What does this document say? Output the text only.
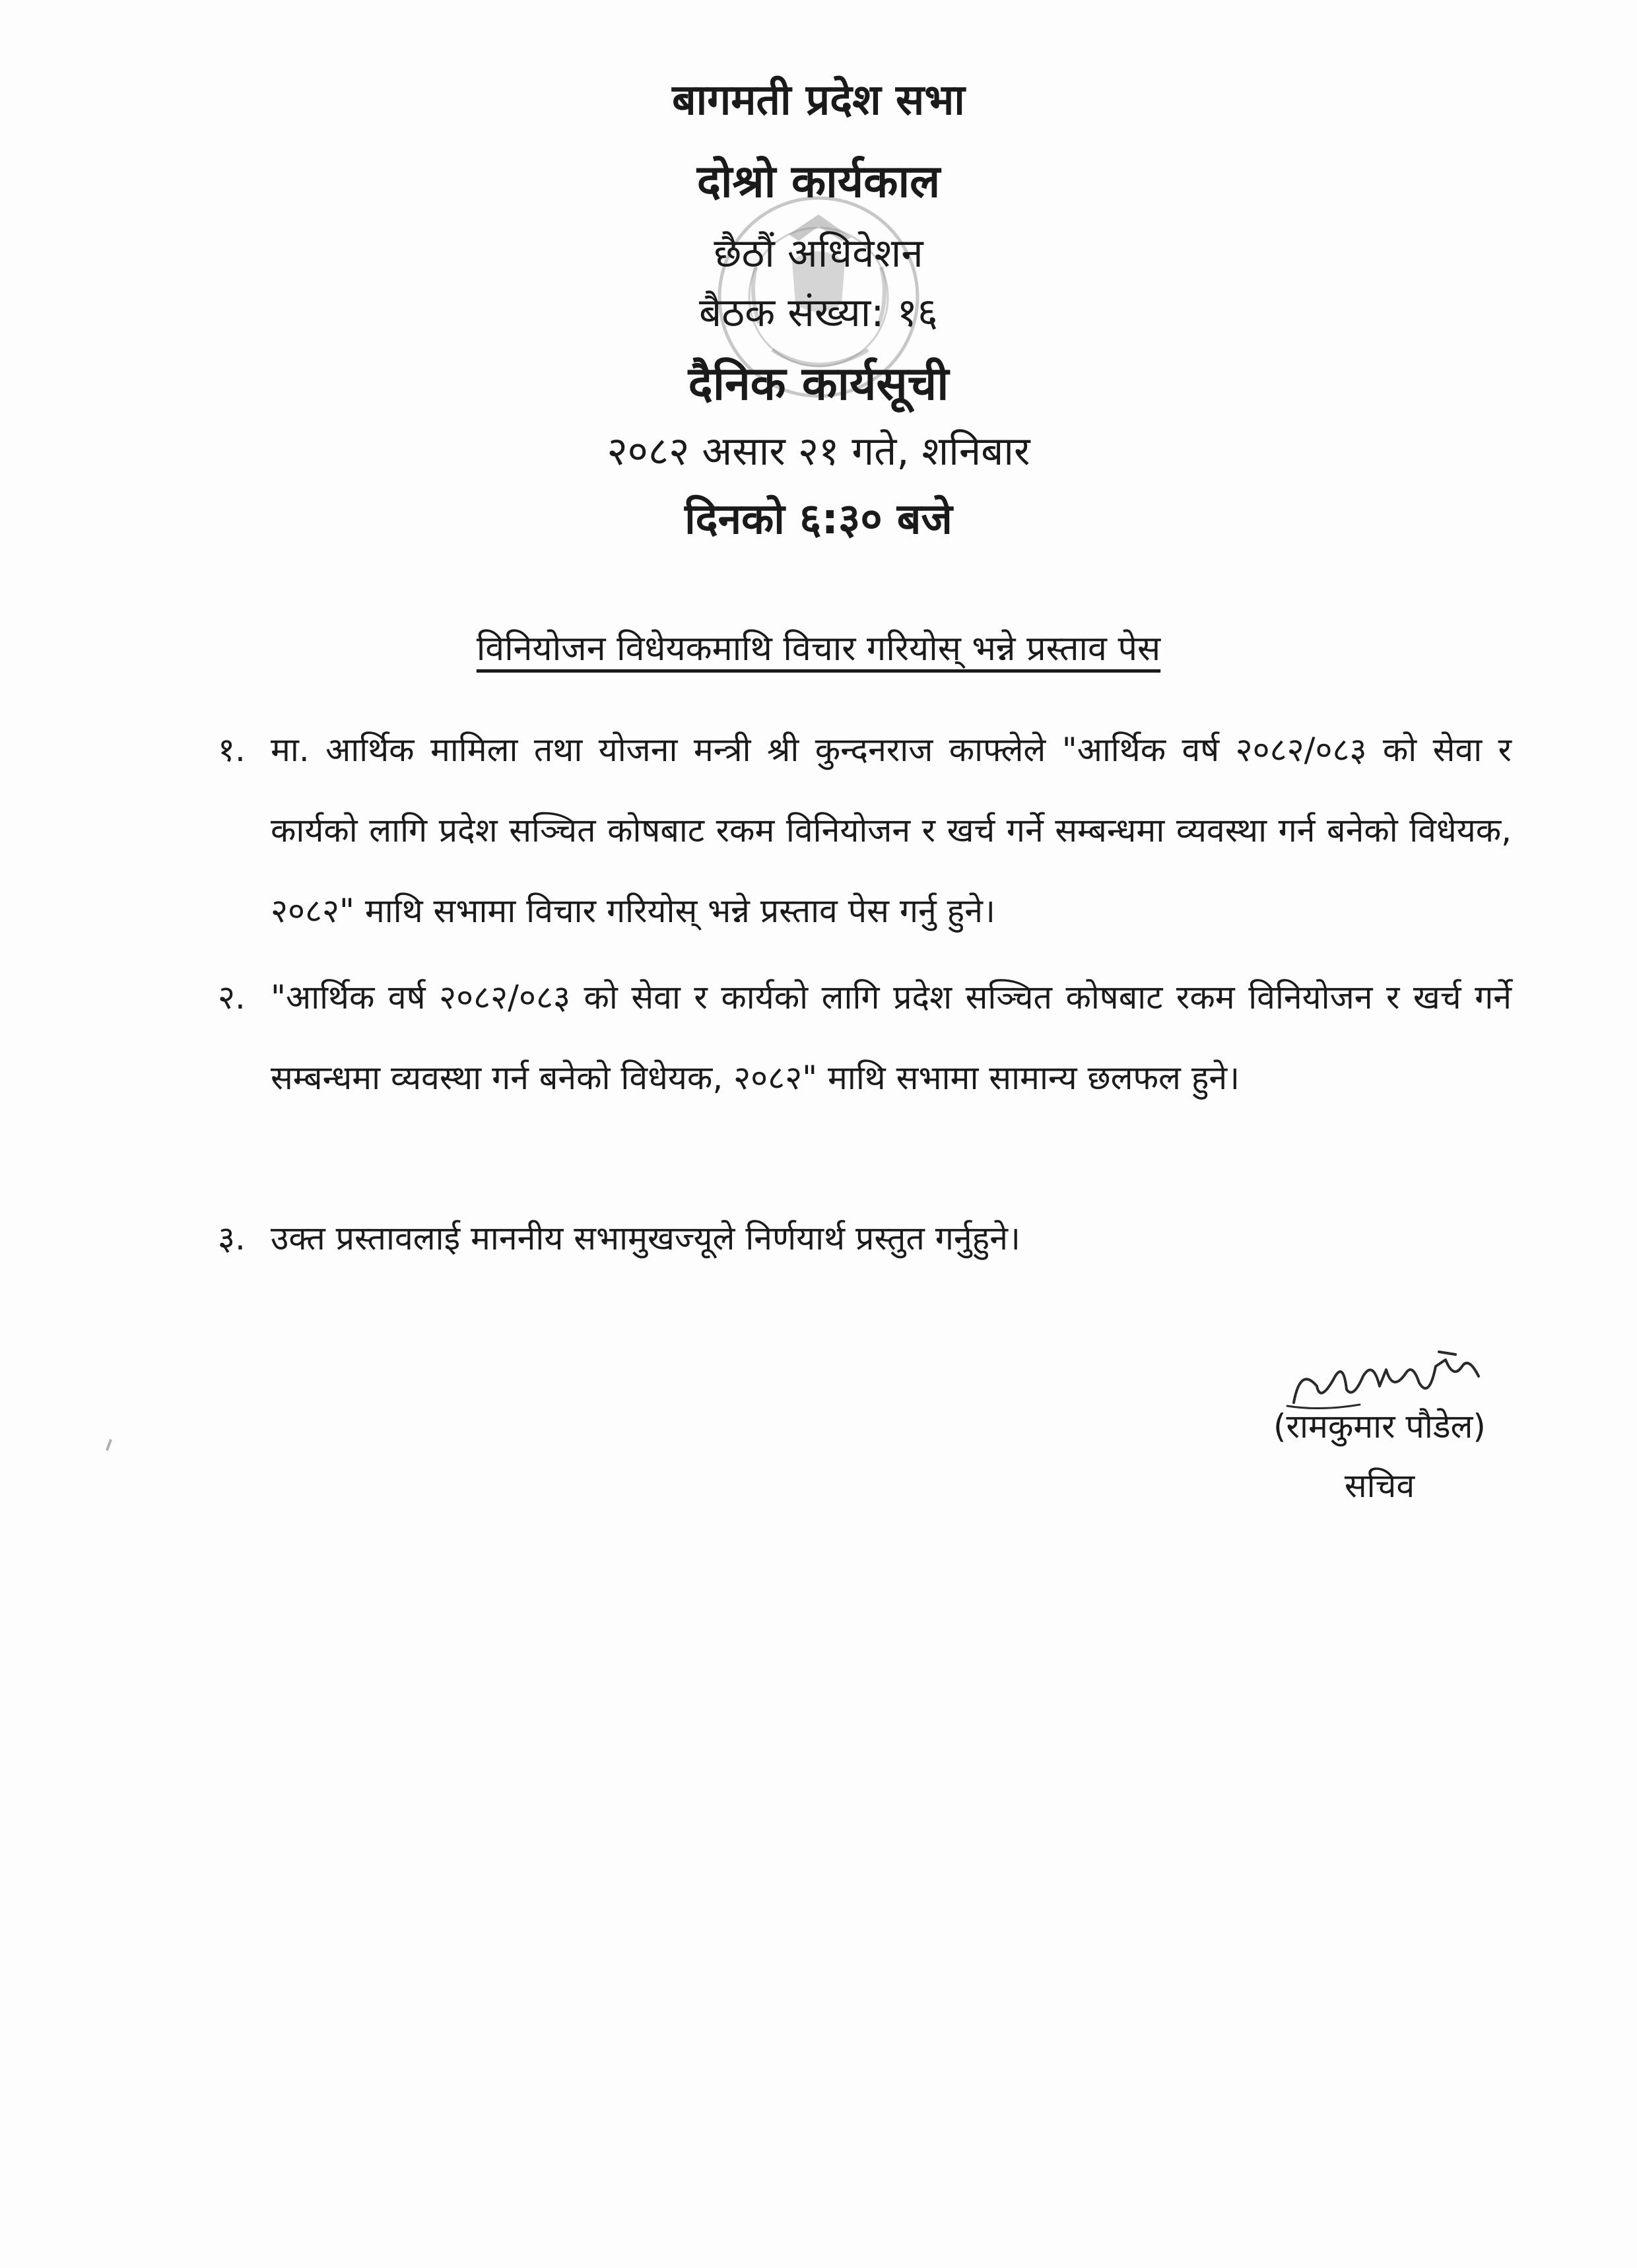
बागमती प्रदेश सभा
दोश्रो कार्यकाल
छैठौं अधिवेशन
बैठक संख्या: १६
दैनिक कार्यसूची
२०८२ असार २१ गते, शनिबार
दिनको ६:३० बजे
विनियोजन विधेयकमाथि विचार गरियोस् भन्ने प्रस्ताव पेस
१. मा. आर्थिक मामिला तथा योजना मन्त्री श्री कुन्दनराज काफ्लेले "आर्थिक वर्ष २०८२/०८३ को सेवा र कार्यको लागि प्रदेश सञ्चित कोषबाट रकम विनियोजन र खर्च गर्ने सम्बन्धमा व्यवस्था गर्न बनेको विधेयक, २०८२" माथि सभामा विचार गरियोस् भन्ने प्रस्ताव पेस गर्नु हुने।
२. "आर्थिक वर्ष २०८२/०८३ को सेवा र कार्यको लागि प्रदेश सञ्चित कोषबाट रकम विनियोजन र खर्च गर्ने सम्बन्धमा व्यवस्था गर्न बनेको विधेयक, २०८२" माथि सभामा सामान्य छलफल हुने।
३. उक्त प्रस्तावलाई माननीय सभामुखज्यूले निर्णयार्थ प्रस्तुत गर्नुहुने।
(रामकुमार पौडेल)
सचिव
